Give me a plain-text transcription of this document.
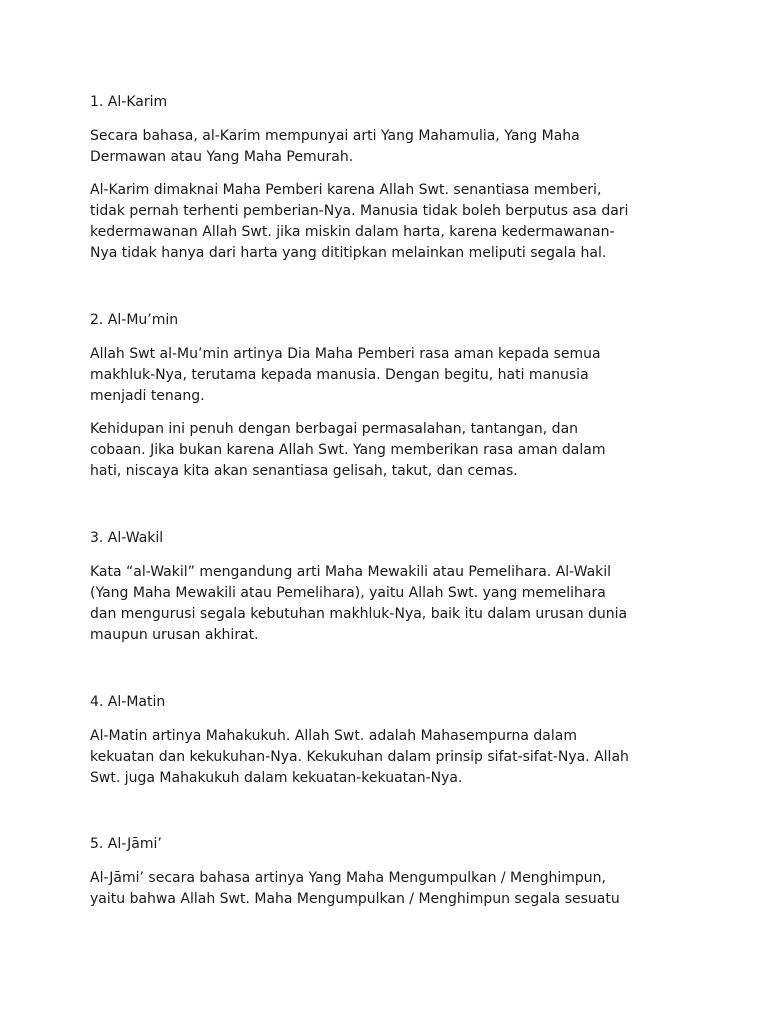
1. Al-Karim

Secara bahasa, al-Karim mempunyai arti Yang Mahamulia, Yang Maha
Dermawan atau Yang Maha Pemurah.

Al-Karim dimaknai Maha Pemberi karena Allah Swt. senantiasa memberi,
tidak pernah terhenti pemberian-Nya. Manusia tidak boleh berputus asa dari
kedermawanan Allah Swt. jika miskin dalam harta, karena kedermawanan-
Nya tidak hanya dari harta yang dititipkan melainkan meliputi segala hal.

2. Al-Mu’min

Allah Swt al-Mu’min artinya Dia Maha Pemberi rasa aman kepada semua
makhluk-Nya, terutama kepada manusia. Dengan begitu, hati manusia
menjadi tenang.

Kehidupan ini penuh dengan berbagai permasalahan, tantangan, dan
cobaan. Jika bukan karena Allah Swt. Yang memberikan rasa aman dalam
hati, niscaya kita akan senantiasa gelisah, takut, dan cemas.

3. Al-Wakil

Kata “al-Wakil” mengandung arti Maha Mewakili atau Pemelihara. Al-Wakil
(Yang Maha Mewakili atau Pemelihara), yaitu Allah Swt. yang memelihara
dan mengurusi segala kebutuhan makhluk-Nya, baik itu dalam urusan dunia
maupun urusan akhirat.

4. Al-Matin

Al-Matin artinya Mahakukuh. Allah Swt. adalah Mahasempurna dalam
kekuatan dan kekukuhan-Nya. Kekukuhan dalam prinsip sifat-sifat-Nya. Allah
Swt. juga Mahakukuh dalam kekuatan-kekuatan-Nya.

5. Al-Jāmi’

Al-Jāmi’ secara bahasa artinya Yang Maha Mengumpulkan / Menghimpun,
yaitu bahwa Allah Swt. Maha Mengumpulkan / Menghimpun segala sesuatu
